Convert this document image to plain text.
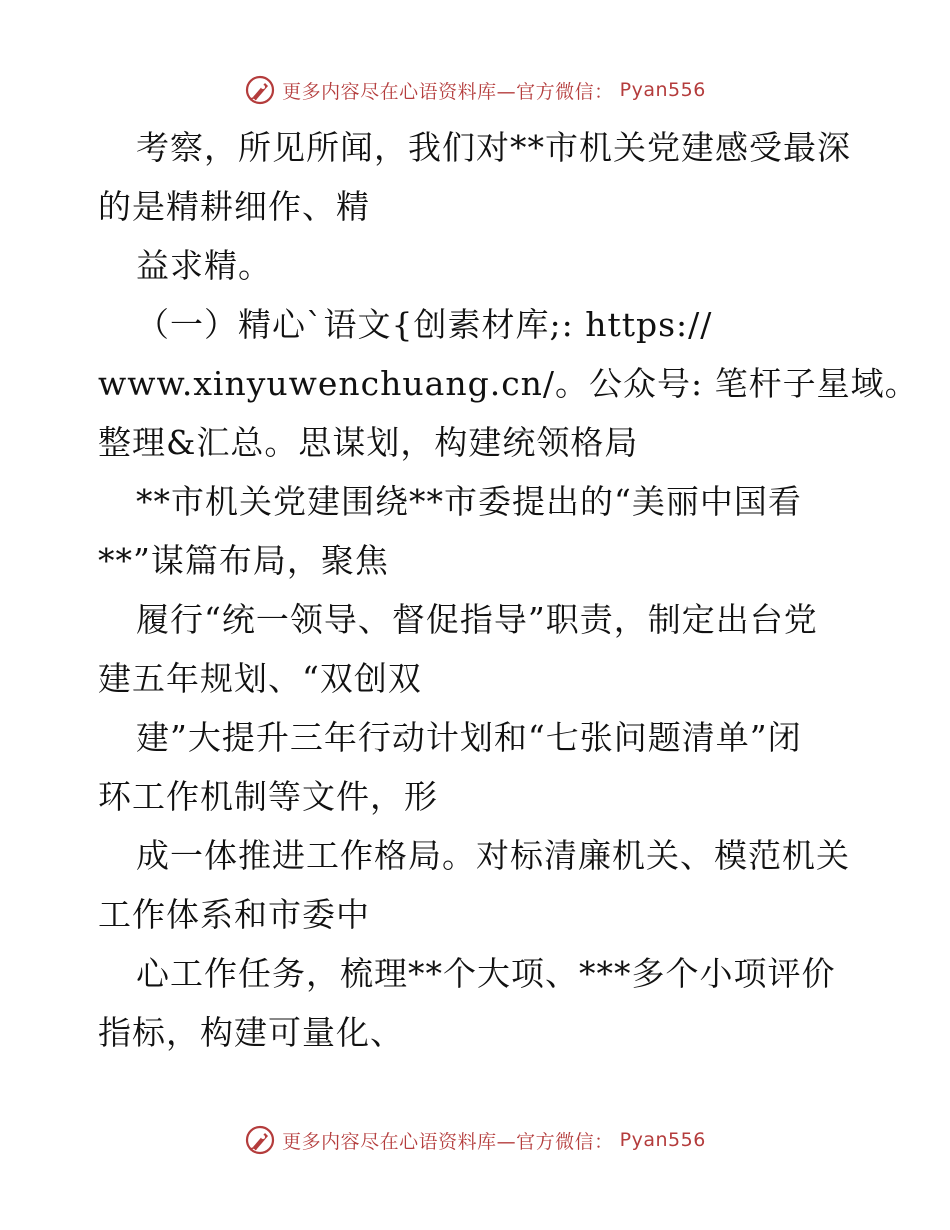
更多内容尽在心语资料库—官方微信： Pyan556
考察，所见所闻，我们对**市机关党建感受最深
的是精耕细作、精
益求精。
（一）精心`语文{创素材库;: https://
www.xinyuwenchuang.cn/。公众号: 笔杆子星域。
整理&汇总。思谋划，构建统领格局
**市机关党建围绕**市委提出的“美丽中国看
**”谋篇布局，聚焦
履行“统一领导、督促指导”职责，制定出台党
建五年规划、“双创双
建”大提升三年行动计划和“七张问题清单”闭
环工作机制等文件，形
成一体推进工作格局。对标清廉机关、模范机关
工作体系和市委中
心工作任务，梳理**个大项、***多个小项评价
指标，构建可量化、
更多内容尽在心语资料库—官方微信： Pyan556
